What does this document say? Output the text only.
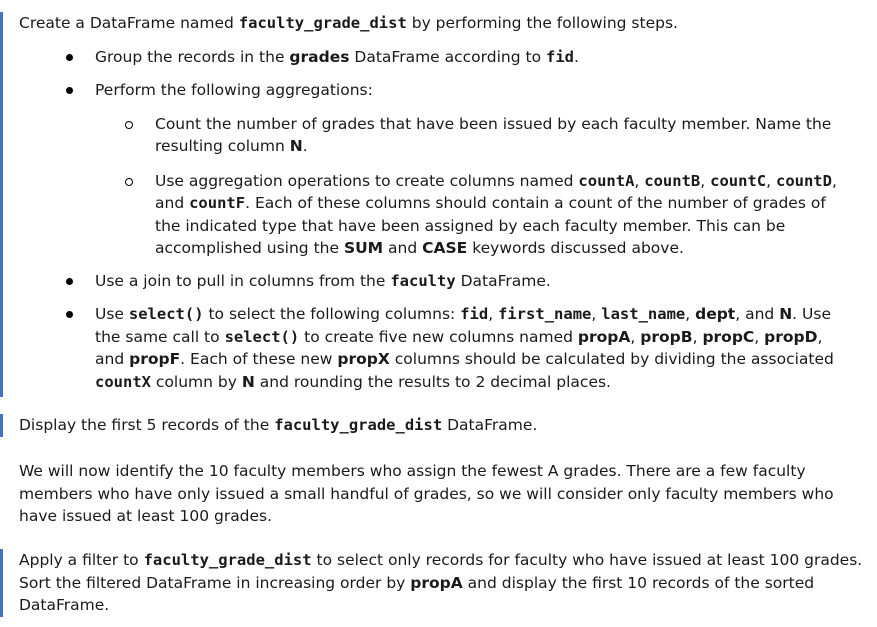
Create a DataFrame named faculty_grade_dist by performing the following steps.

Group the records in the grades DataFrame according to fid.
Perform the following aggregations:
Count the number of grades that have been issued by each faculty member. Name the resulting column N.
Use aggregation operations to create columns named countA, countB, countC, countD, and countF. Each of these columns should contain a count of the number of grades of the indicated type that have been assigned by each faculty member. This can be accomplished using the SUM and CASE keywords discussed above.
Use a join to pull in columns from the faculty DataFrame.
Use select() to select the following columns: fid, first_name, last_name, dept, and N. Use the same call to select() to create five new columns named propA, propB, propC, propD, and propF. Each of these new propX columns should be calculated by dividing the associated countX column by N and rounding the results to 2 decimal places.

Display the first 5 records of the faculty_grade_dist DataFrame.

We will now identify the 10 faculty members who assign the fewest A grades. There are a few faculty members who have only issued a small handful of grades, so we will consider only faculty members who have issued at least 100 grades.

Apply a filter to faculty_grade_dist to select only records for faculty who have issued at least 100 grades. Sort the filtered DataFrame in increasing order by propA and display the first 10 records of the sorted DataFrame.
